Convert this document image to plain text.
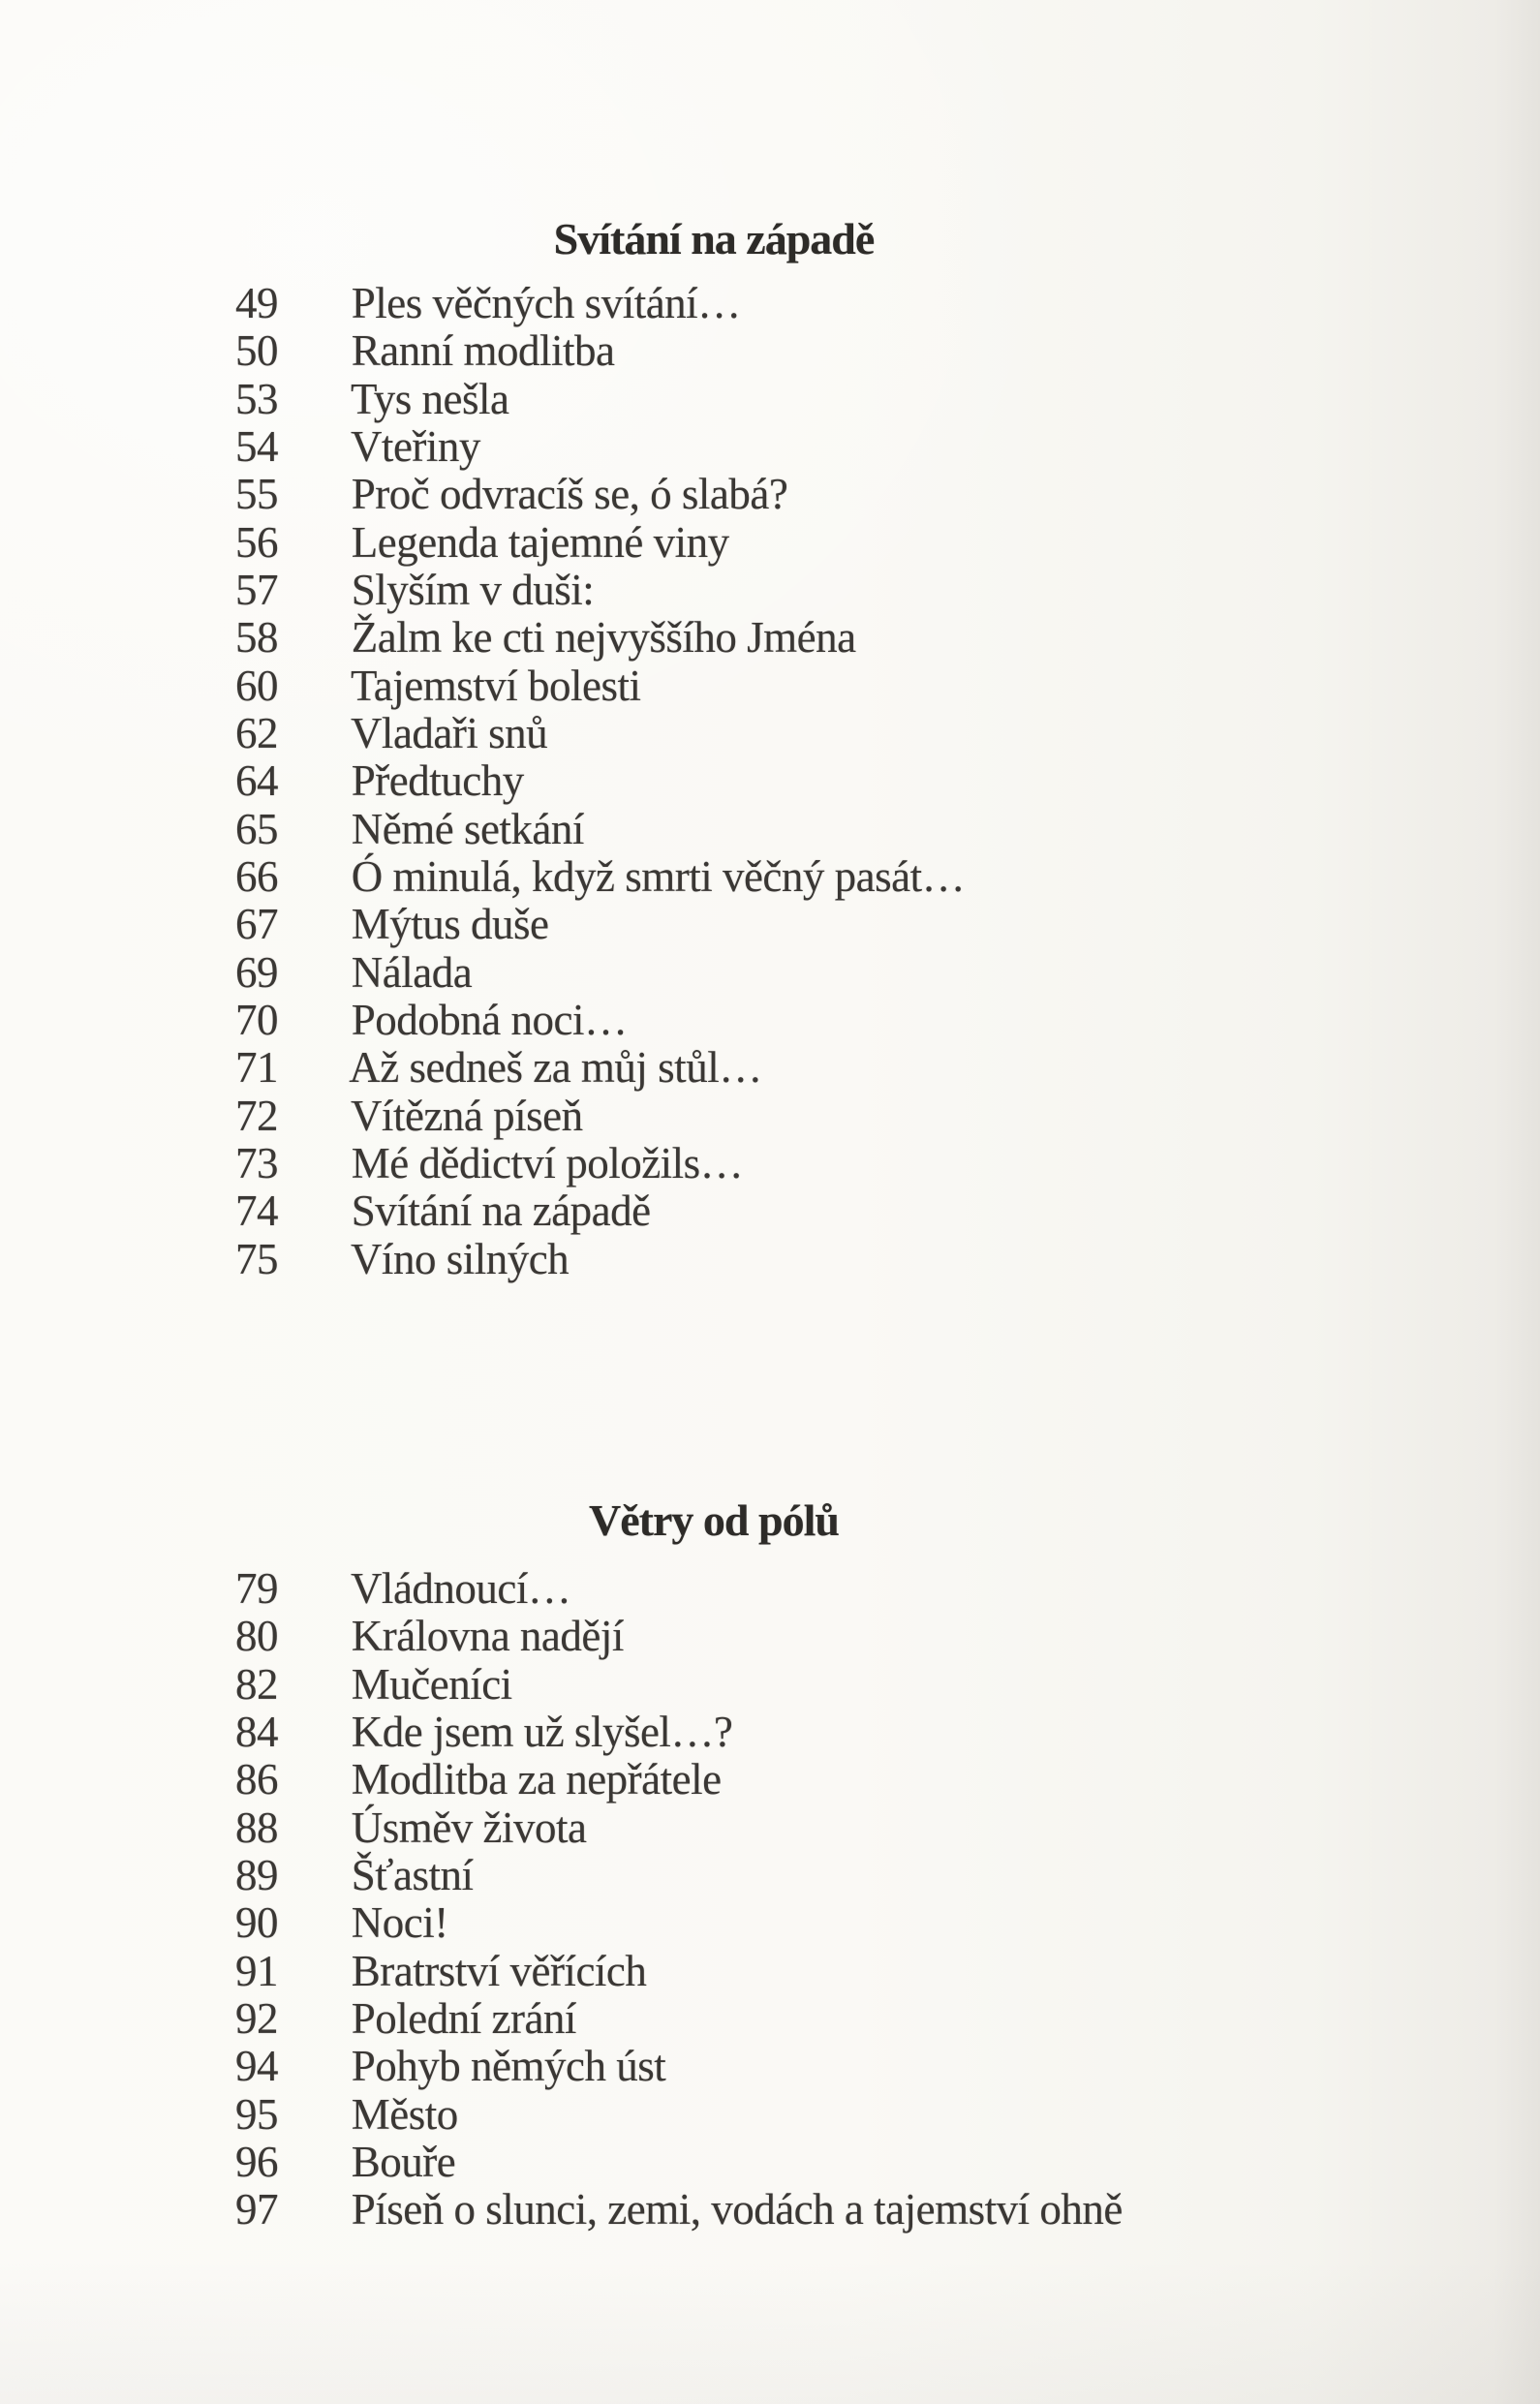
Svítání na západě
49 Ples věčných svítání…
50 Ranní modlitba
53 Tys nešla
54 Vteřiny
55 Proč odvracíš se, ó slabá?
56 Legenda tajemné viny
57 Slyším v duši:
58 Žalm ke cti nejvyššího Jména
60 Tajemství bolesti
62 Vladaři snů
64 Předtuchy
65 Němé setkání
66 Ó minulá, když smrti věčný pasát…
67 Mýtus duše
69 Nálada
70 Podobná noci…
71 Až sedneš za můj stůl…
72 Vítězná píseň
73 Mé dědictví položils…
74 Svítání na západě
75 Víno silných
Větry od pólů
79 Vládnoucí…
80 Královna nadějí
82 Mučeníci
84 Kde jsem už slyšel…?
86 Modlitba za nepřátele
88 Úsměv života
89 Šťastní
90 Noci!
91 Bratrství věřících
92 Polední zrání
94 Pohyb němých úst
95 Město
96 Bouře
97 Píseň o slunci, zemi, vodách a tajemství ohně
